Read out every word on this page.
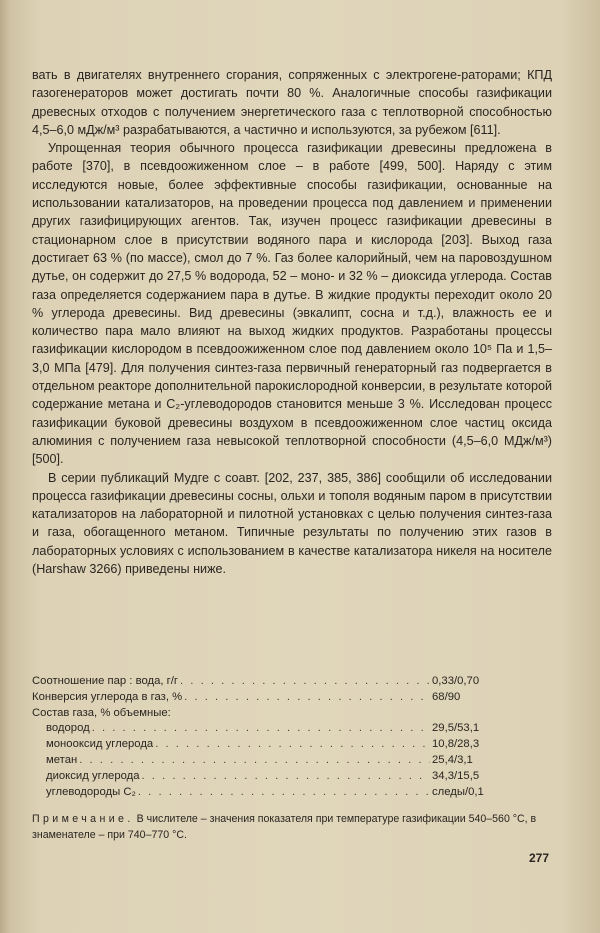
вать в двигателях внутреннего сгорания, сопряженных с электрогене-раторами; КПД газогенераторов может достигать почти 80 %. Аналогичные способы газификации древесных отходов с получением энергетического газа с теплотворной способностью 4,5–6,0 мДж/м³ разрабатываются, а частично и используются, за рубежом [611].

Упрощенная теория обычного процесса газификации древесины предложена в работе [370], в псевдоожиженном слое – в работе [499, 500]. Наряду с этим исследуются новые, более эффективные способы газификации, основанные на использовании катализаторов, на проведении процесса под давлением и применении других газифицирующих агентов. Так, изучен процесс газификации древесины в стационарном слое в присутствии водяного пара и кислорода [203]. Выход газа достигает 63 % (по массе), смол до 7 %. Газ более калорийный, чем на паровоздушном дутье, он содержит до 27,5 % водорода, 52 – моно- и 32 % – диоксида углерода. Состав газа определяется содержанием пара в дутье. В жидкие продукты переходит около 20 % углерода древесины. Вид древесины (эвкалипт, сосна и т.д.), влажность ее и количество пара мало влияют на выход жидких продуктов. Разработаны процессы газификации кислородом в псевдоожиженном слое под давлением около 10⁵ Па и 1,5–3,0 МПа [479]. Для получения синтез-газа первичный генераторный газ подвергается в отдельном реакторе дополнительной парокислородной конверсии, в результате которой содержание метана и C₂-углеводородов становится меньше 3 %. Исследован процесс газификации буковой древесины воздухом в псевдоожиженном слое частиц оксида алюминия с получением газа невысокой теплотворной способности (4,5–6,0 МДж/м³) [500].

В серии публикаций Мудге с соавт. [202, 237, 385, 386] сообщили об исследовании процесса газификации древесины сосны, ольхи и тополя водяным паром в присутствии катализаторов на лабораторной и пилотной установках с целью получения синтез-газа и газа, обогащенного метаном. Типичные результаты по получению этих газов в лабораторных условиях с использованием в качестве катализатора никеля на носителе (Harshaw 3266) приведены ниже.

Соотношение пар : вода, г/г . . .	0,33/0,70
Конверсия углерода в газ, % . . .	68/90
Состав газа, % объемные:
водород . . .	29,5/53,1
монооксид углерода . . .	10,8/28,3
метан . . .	25,4/3,1
диоксид углерода . . .	34,3/15,5
углеводороды C₂ . . .	следы/0,1
Примечание. В числителе – значения показателя при температуре газификации 540–560 °С, в знаменателе – при 740–770 °С.
277
